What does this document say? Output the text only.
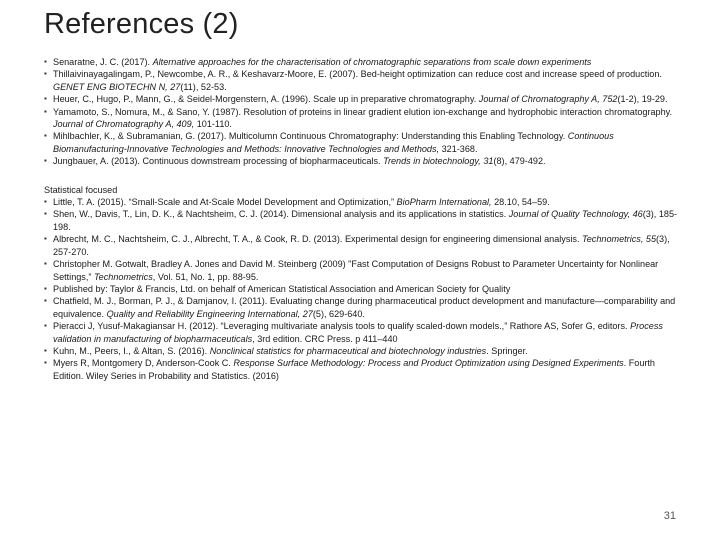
References (2)
▪ Senaratne, J. C. (2017). Alternative approaches for the characterisation of chromatographic separations from scale down experiments
▪ Thillaivinayagalingam, P., Newcombe, A. R., & Keshavarz-Moore, E. (2007). Bed-height optimization can reduce cost and increase speed of production. GENET ENG BIOTECHN N, 27(11), 52-53.
▪ Heuer, C., Hugo, P., Mann, G., & Seidel-Morgenstern, A. (1996). Scale up in preparative chromatography. Journal of Chromatography A, 752(1-2), 19-29.
▪ Yamamoto, S., Nomura, M., & Sano, Y. (1987). Resolution of proteins in linear gradient elution ion-exchange and hydrophobic interaction chromatography. Journal of Chromatography A, 409, 101-110.
▪ Mihlbachler, K., & Subramanian, G. (2017). Multicolumn Continuous Chromatography: Understanding this Enabling Technology. Continuous Biomanufacturing-Innovative Technologies and Methods: Innovative Technologies and Methods, 321-368.
▪ Jungbauer, A. (2013). Continuous downstream processing of biopharmaceuticals. Trends in biotechnology, 31(8), 479-492.
Statistical focused
▪ Little, T. A. (2015). “Small-Scale and At-Scale Model Development and Optimization,” BioPharm International, 28.10, 54–59.
▪ Shen, W., Davis, T., Lin, D. K., & Nachtsheim, C. J. (2014). Dimensional analysis and its applications in statistics. Journal of Quality Technology, 46(3), 185-198.
▪ Albrecht, M. C., Nachtsheim, C. J., Albrecht, T. A., & Cook, R. D. (2013). Experimental design for engineering dimensional analysis. Technometrics, 55(3), 257-270.
▪ Christopher M. Gotwalt, Bradley A. Jones and David M. Steinberg (2009) "Fast Computation of Designs Robust to Parameter Uncertainty for Nonlinear Settings,” Technometrics, Vol. 51, No. 1, pp. 88-95.
▪ Published by: Taylor & Francis, Ltd. on behalf of American Statistical Association and American Society for Quality
▪ Chatfield, M. J., Borman, P. J., & Damjanov, I. (2011). Evaluating change during pharmaceutical product development and manufacture—comparability and equivalence. Quality and Reliability Engineering International, 27(5), 629-640.
▪ Pieracci J, Yusuf-Makagiansar H. (2012). “Leveraging multivariate analysis tools to qualify scaled-down models.,” Rathore AS, Sofer G, editors. Process validation in manufacturing of biopharmaceuticals, 3rd edition. CRC Press. p 411–440
▪ Kuhn, M., Peers, I., & Altan, S. (2016). Nonclinical statistics for pharmaceutical and biotechnology industries. Springer.
▪ Myers R, Montgomery D, Anderson-Cook C. Response Surface Methodology: Process and Product Optimization using Designed Experiments. Fourth Edition. Wiley Series in Probability and Statistics. (2016)
31
